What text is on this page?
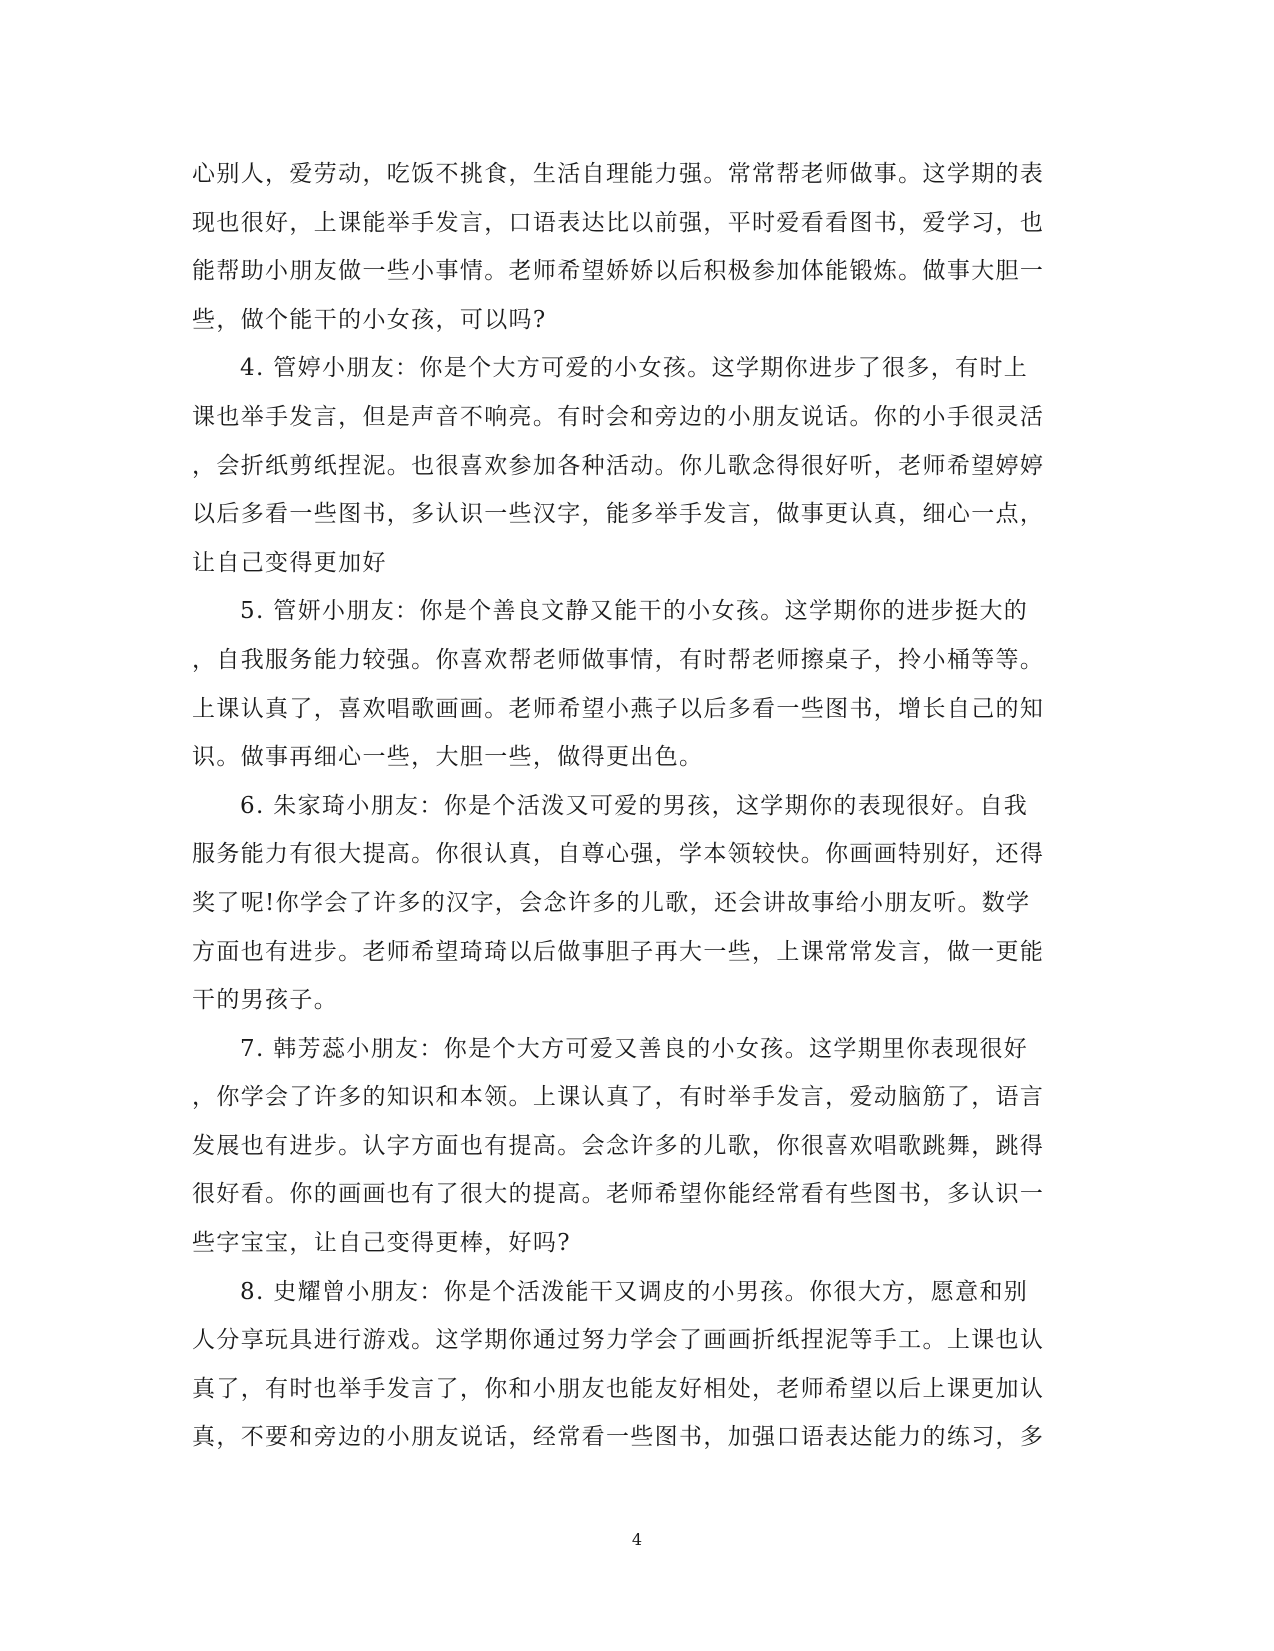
心别人，爱劳动，吃饭不挑食，生活自理能力强。常常帮老师做事。这学期的表
现也很好，上课能举手发言，口语表达比以前强，平时爱看看图书，爱学习，也
能帮助小朋友做一些小事情。老师希望娇娇以后积极参加体能锻炼。做事大胆一
些，做个能干的小女孩，可以吗?
4. 管婷小朋友：你是个大方可爱的小女孩。这学期你进步了很多，有时上
课也举手发言，但是声音不响亮。有时会和旁边的小朋友说话。你的小手很灵活
，会折纸剪纸捏泥。也很喜欢参加各种活动。你儿歌念得很好听，老师希望婷婷
以后多看一些图书，多认识一些汉字，能多举手发言，做事更认真，细心一点，
让自己变得更加好
5. 管妍小朋友：你是个善良文静又能干的小女孩。这学期你的进步挺大的
，自我服务能力较强。你喜欢帮老师做事情，有时帮老师擦桌子，拎小桶等等。
上课认真了，喜欢唱歌画画。老师希望小燕子以后多看一些图书，增长自己的知
识。做事再细心一些，大胆一些，做得更出色。
6. 朱家琦小朋友：你是个活泼又可爱的男孩，这学期你的表现很好。自我
服务能力有很大提高。你很认真，自尊心强，学本领较快。你画画特别好，还得
奖了呢!你学会了许多的汉字，会念许多的儿歌，还会讲故事给小朋友听。数学
方面也有进步。老师希望琦琦以后做事胆子再大一些，上课常常发言，做一更能
干的男孩子。
7. 韩芳蕊小朋友：你是个大方可爱又善良的小女孩。这学期里你表现很好
，你学会了许多的知识和本领。上课认真了，有时举手发言，爱动脑筋了，语言
发展也有进步。认字方面也有提高。会念许多的儿歌，你很喜欢唱歌跳舞，跳得
很好看。你的画画也有了很大的提高。老师希望你能经常看有些图书，多认识一
些字宝宝，让自己变得更棒，好吗?
8. 史耀曾小朋友：你是个活泼能干又调皮的小男孩。你很大方，愿意和别
人分享玩具进行游戏。这学期你通过努力学会了画画折纸捏泥等手工。上课也认
真了，有时也举手发言了，你和小朋友也能友好相处，老师希望以后上课更加认
真，不要和旁边的小朋友说话，经常看一些图书，加强口语表达能力的练习，多
4
